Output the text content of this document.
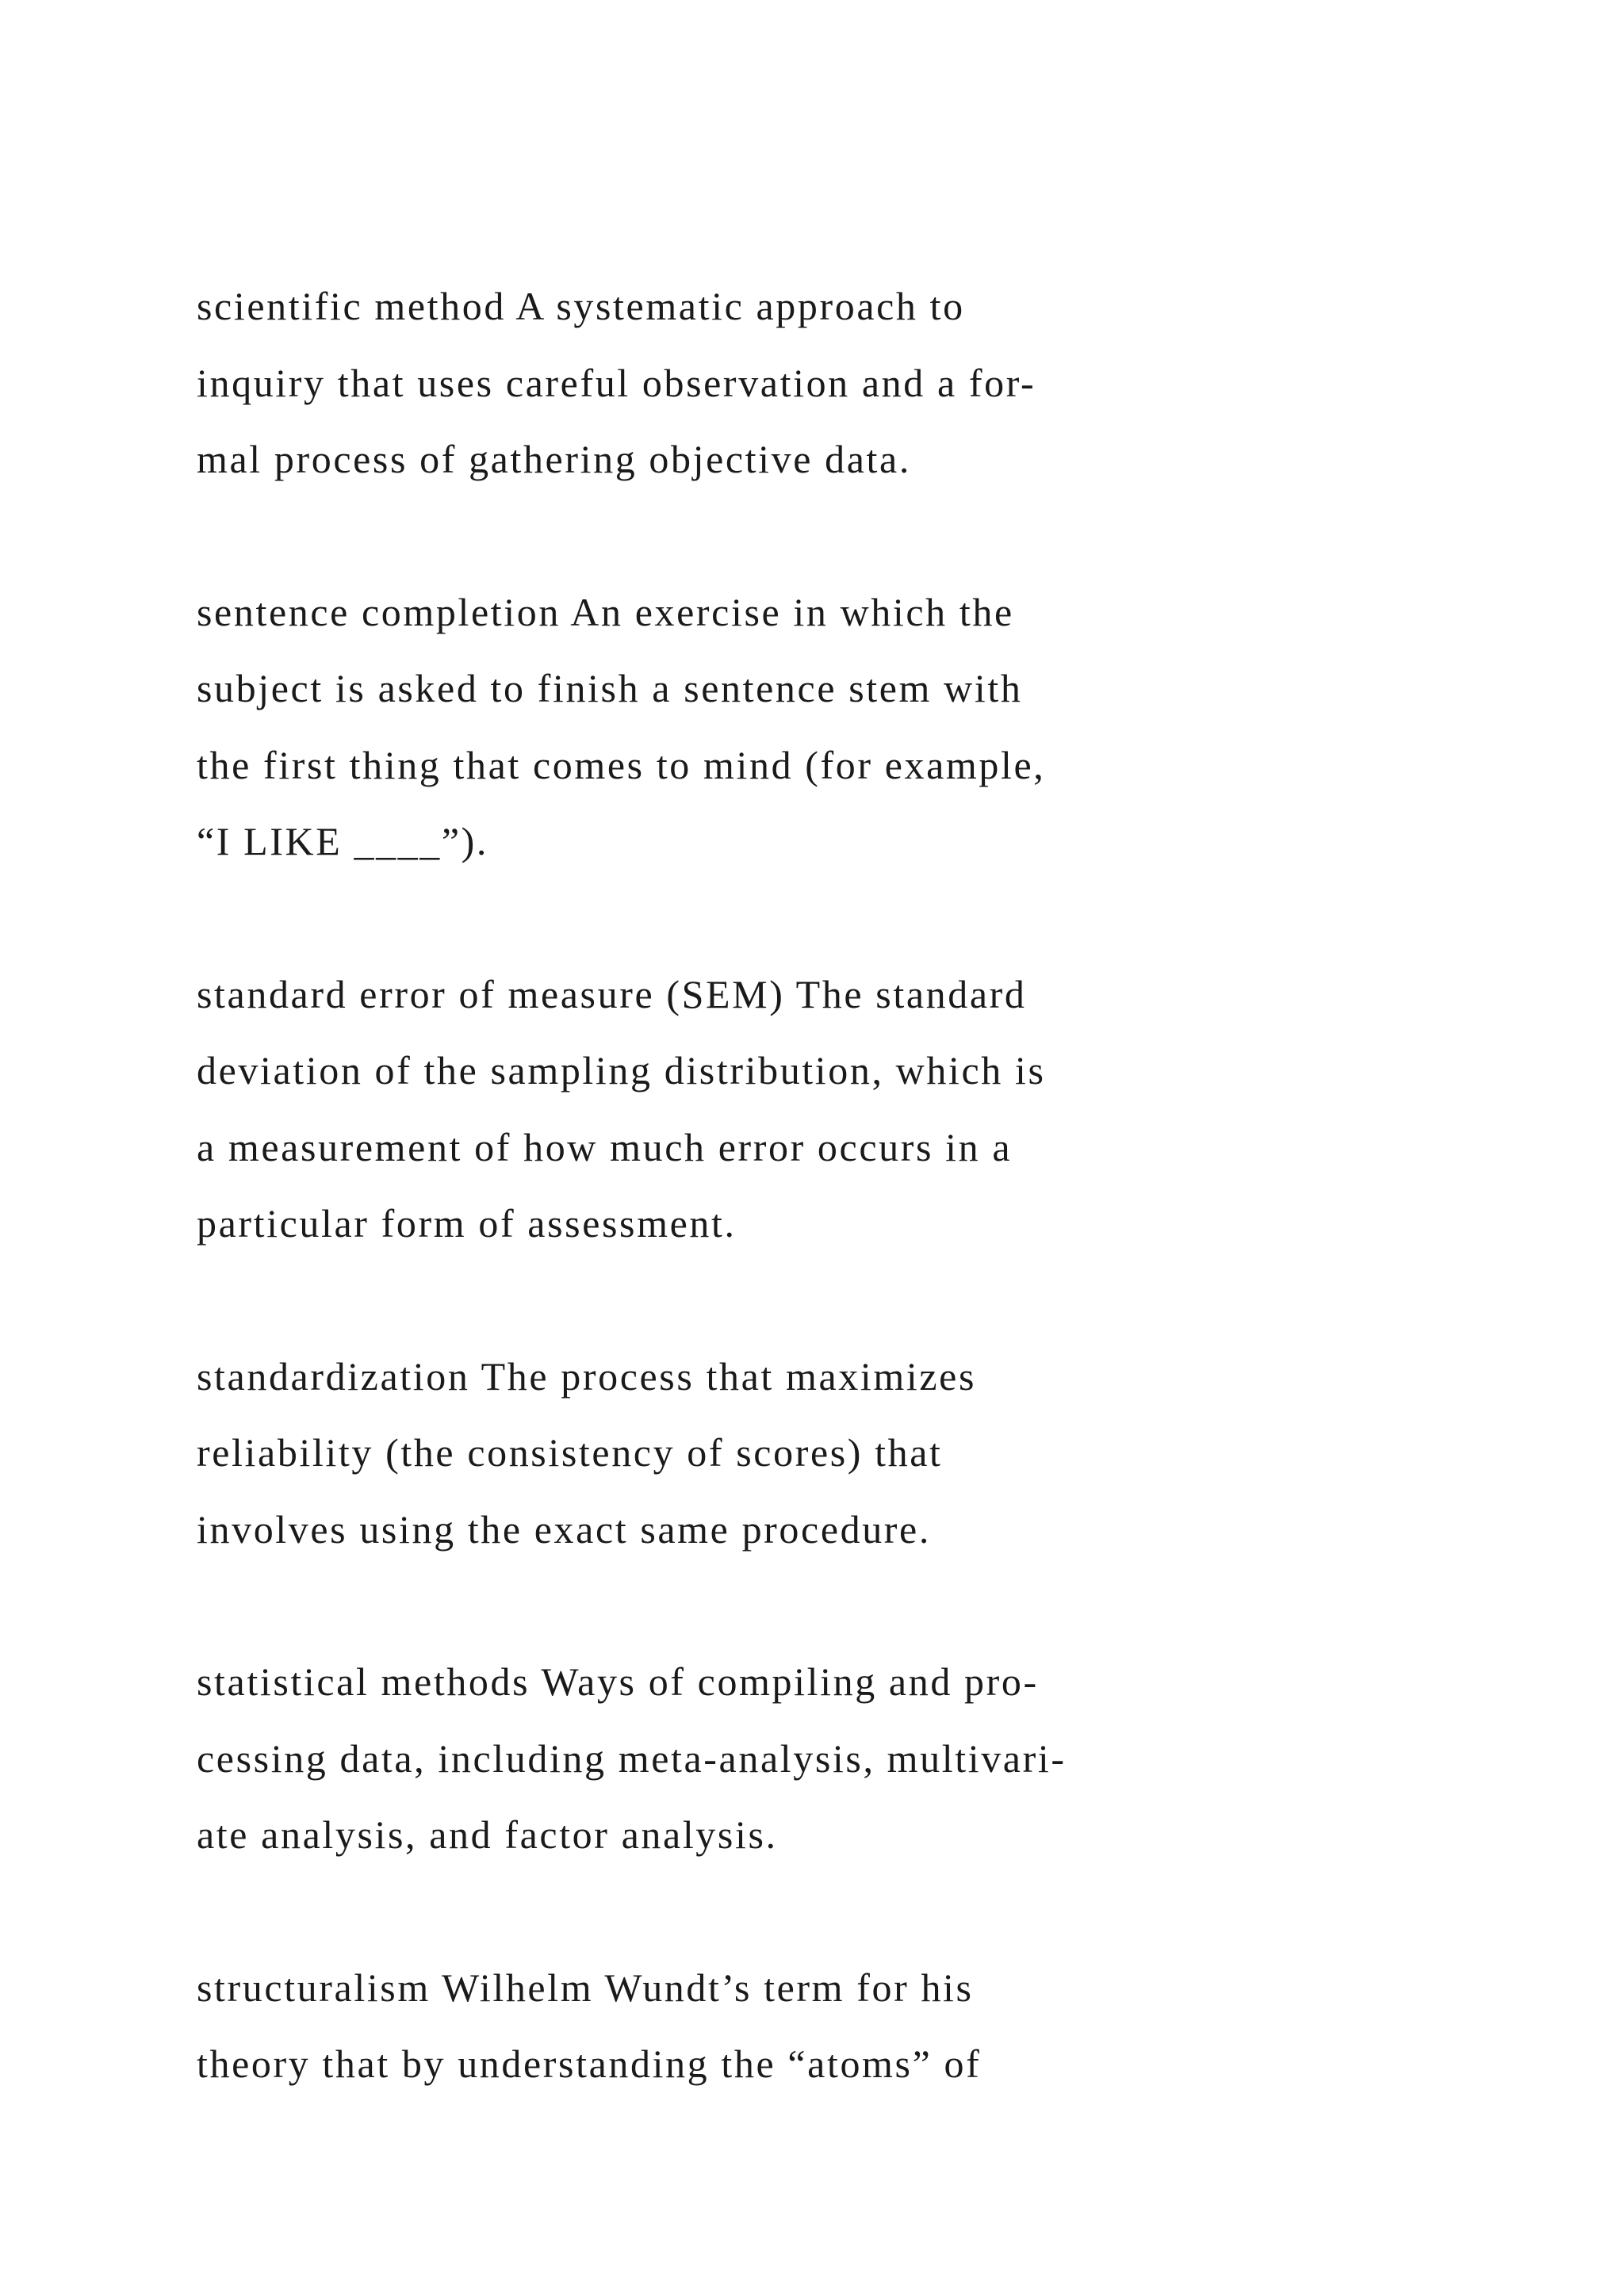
scientific method A systematic approach to
inquiry that uses careful observation and a for-
mal process of gathering objective data.
sentence completion An exercise in which the
subject is asked to finish a sentence stem with
the first thing that comes to mind (for example,
“I LIKE ____”).
standard error of measure (SEM) The standard
deviation of the sampling distribution, which is
a measurement of how much error occurs in a
particular form of assessment.
standardization The process that maximizes
reliability (the consistency of scores) that
involves using the exact same procedure.
statistical methods Ways of compiling and pro-
cessing data, including meta-analysis, multivari-
ate analysis, and factor analysis.
structuralism Wilhelm Wundt’s term for his
theory that by understanding the “atoms” of
